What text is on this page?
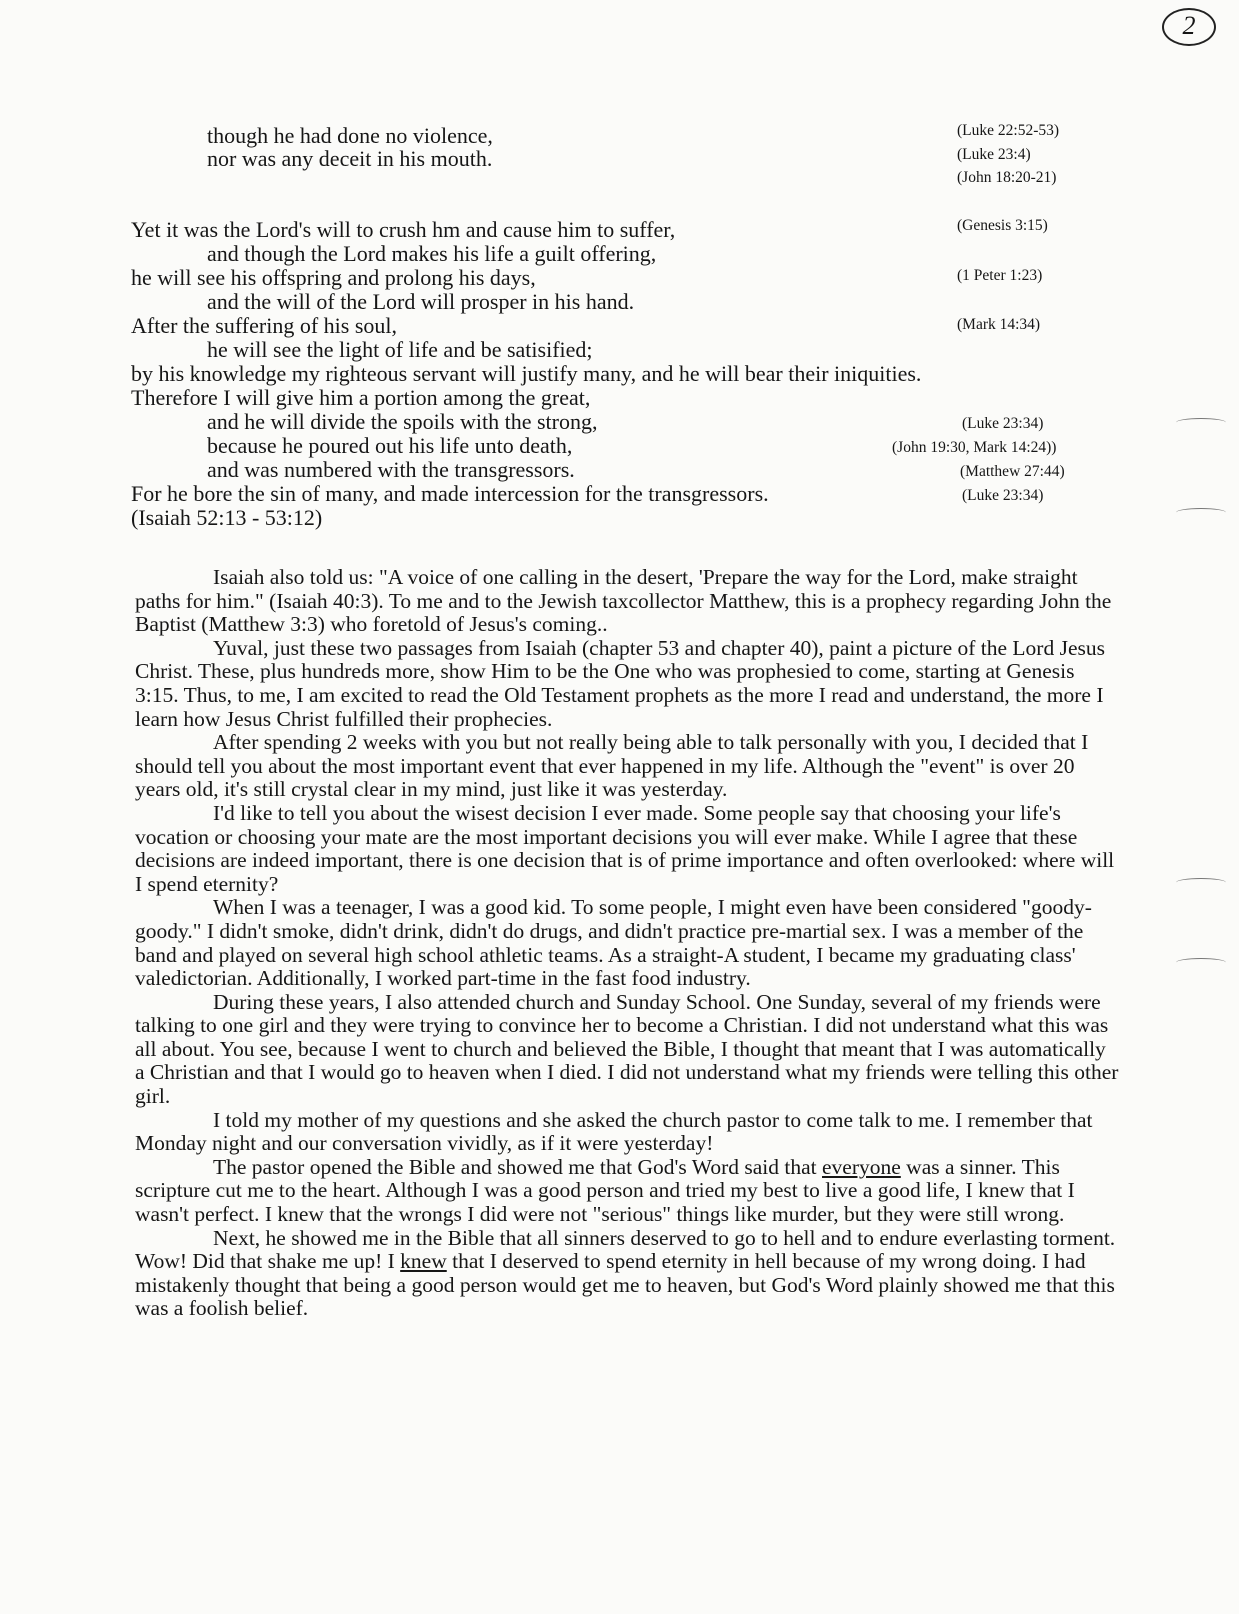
2
though he had done no violence,
nor was any deceit in his mouth.
Yet it was the Lord's will to crush hm and cause him to suffer,
and though the Lord makes his life a guilt offering,
he will see his offspring and prolong his days,
and the will of the Lord will prosper in his hand.
After the suffering of his soul,
he will see the light of life and be satisified;
by his knowledge my righteous servant will justify many, and he will bear their iniquities.
Therefore I will give him a portion among the great,
and he will divide the spoils with the strong,
because he poured out his life unto death,
and was numbered with the transgressors.
For he bore the sin of many, and made intercession for the transgressors.
(Isaiah 52:13 - 53:12)
(Luke 22:52-53)
(Luke 23:4)
(John 18:20-21)
(Genesis 3:15)
(1 Peter 1:23)
(Mark 14:34)
(Luke 23:34)
(John 19:30, Mark 14:24))
(Matthew 27:44)
(Luke 23:34)

Isaiah also told us: "A voice of one calling in the desert, 'Prepare the way for the Lord, make straight paths for him." (Isaiah 40:3). To me and to the Jewish taxcollector Matthew, this is a prophecy regarding John the Baptist (Matthew 3:3) who foretold of Jesus's coming..

Yuval, just these two passages from Isaiah (chapter 53 and chapter 40), paint a picture of the Lord Jesus Christ. These, plus hundreds more, show Him to be the One who was prophesied to come, starting at Genesis 3:15. Thus, to me, I am excited to read the Old Testament prophets as the more I read and understand, the more I learn how Jesus Christ fulfilled their prophecies.

After spending 2 weeks with you but not really being able to talk personally with you, I decided that I should tell you about the most important event that ever happened in my life. Although the "event" is over 20 years old, it's still crystal clear in my mind, just like it was yesterday.

I'd like to tell you about the wisest decision I ever made. Some people say that choosing your life's vocation or choosing your mate are the most important decisions you will ever make. While I agree that these decisions are indeed important, there is one decision that is of prime importance and often overlooked: where will I spend eternity?

When I was a teenager, I was a good kid. To some people, I might even have been considered "goody-goody." I didn't smoke, didn't drink, didn't do drugs, and didn't practice pre-martial sex. I was a member of the band and played on several high school athletic teams. As a straight-A student, I became my graduating class' valedictorian. Additionally, I worked part-time in the fast food industry.

During these years, I also attended church and Sunday School. One Sunday, several of my friends were talking to one girl and they were trying to convince her to become a Christian. I did not understand what this was all about. You see, because I went to church and believed the Bible, I thought that meant that I was automatically a Christian and that I would go to heaven when I died. I did not understand what my friends were telling this other girl.

I told my mother of my questions and she asked the church pastor to come talk to me. I remember that Monday night and our conversation vividly, as if it were yesterday!

The pastor opened the Bible and showed me that God's Word said that everyone was a sinner. This scripture cut me to the heart. Although I was a good person and tried my best to live a good life, I knew that I wasn't perfect. I knew that the wrongs I did were not "serious" things like murder, but they were still wrong.

Next, he showed me in the Bible that all sinners deserved to go to hell and to endure everlasting torment. Wow! Did that shake me up! I knew that I deserved to spend eternity in hell because of my wrong doing. I had mistakenly thought that being a good person would get me to heaven, but God's Word plainly showed me that this was a foolish belief.
